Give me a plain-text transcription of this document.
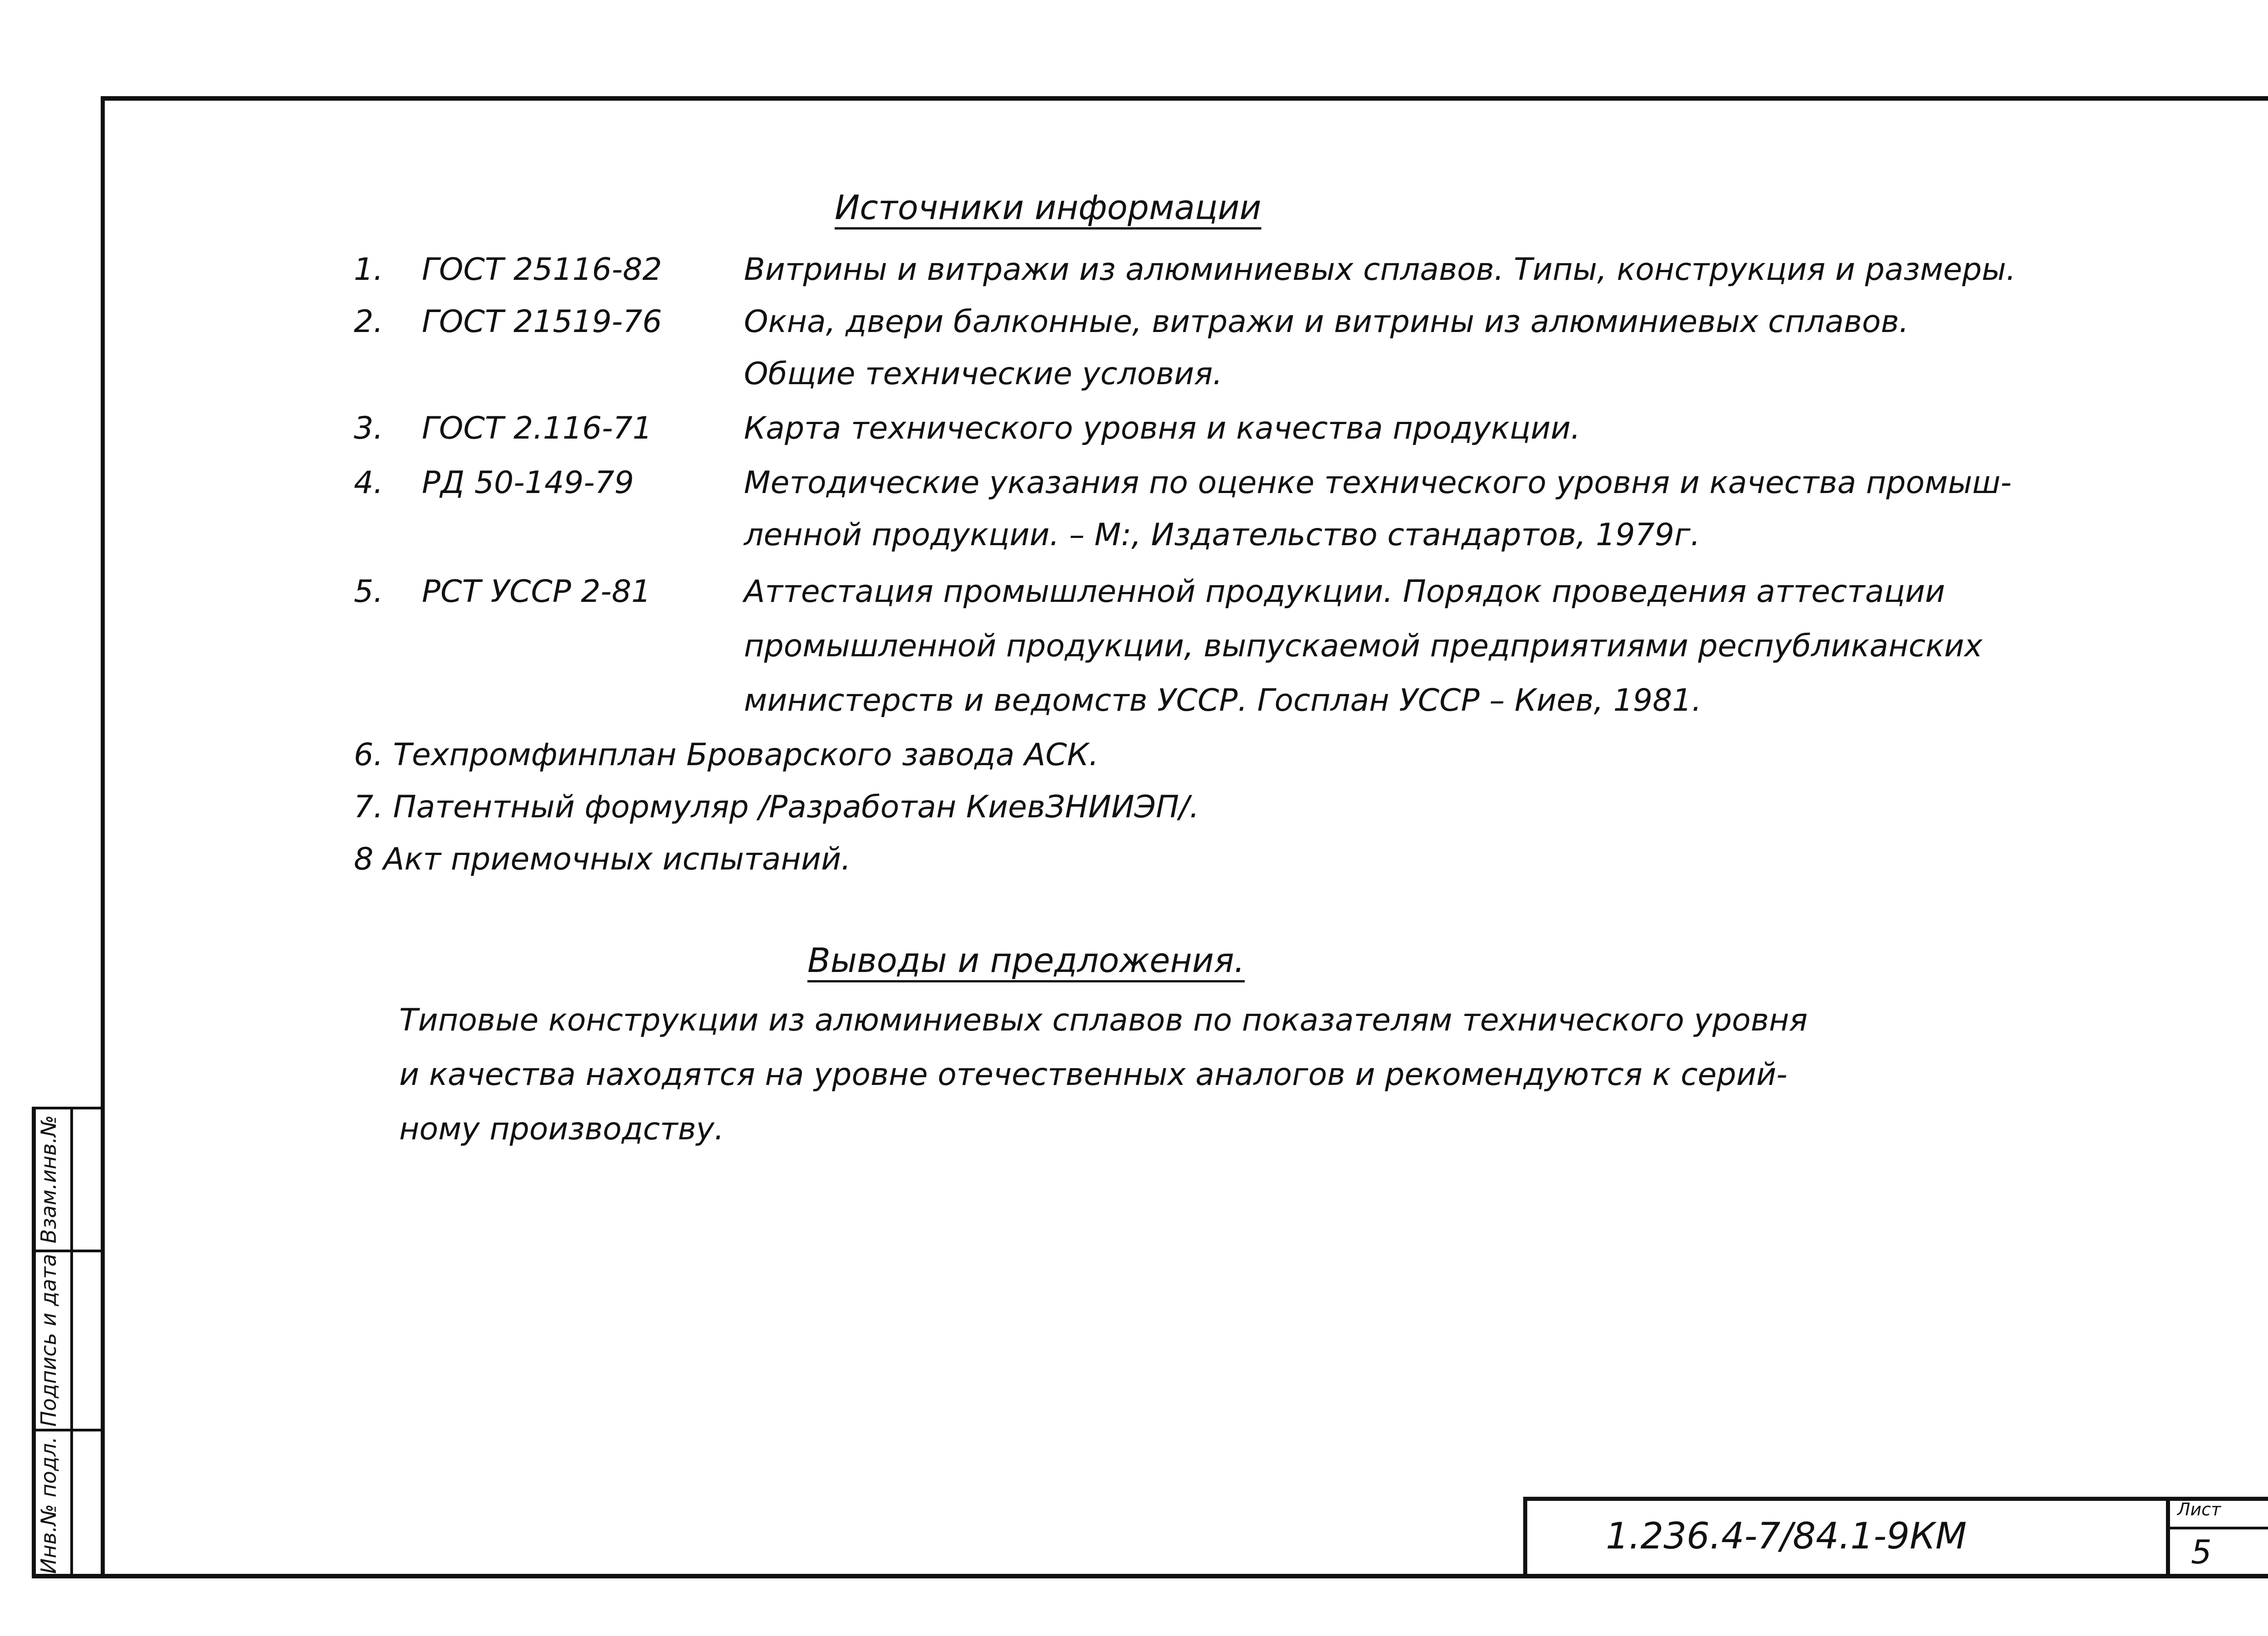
Взам.инв.№
Подпись и дата
Инв.№ подл.
Источники информации
1. ГОСТ 25116-82	Витрины и витражи из алюминиевых сплавов. Типы, конструкция и размеры.
2. ГОСТ 21519-76	Окна, двери балконные, витражи и витрины из алюминиевых сплавов.
Общие технические условия.
3. ГОСТ 2.116-71	Карта технического уровня и качества продукции.
4. РД 50-149-79	Методические указания по оценке технического уровня и качества промыш-
ленной продукции. – М:, Издательство стандартов, 1979г.
5. РСТ УССР 2-81	Аттестация промышленной продукции. Порядок проведения аттестации
промышленной продукции, выпускаемой предприятиями республиканских
министерств и ведомств УССР. Госплан УССР – Киев, 1981.
6. Техпромфинплан Броварского завода АСК.
7. Патентный формуляр /Разработан КиевЗНИИЭП/.
8 Акт приемочных испытаний.
Выводы и предложения.
Типовые конструкции из алюминиевых сплавов по показателям технического уровня
и качества находятся на уровне отечественных аналогов и рекомендуются к серий-
ному производству.
1.236.4-7/84.1-9КМ
Лист
5
